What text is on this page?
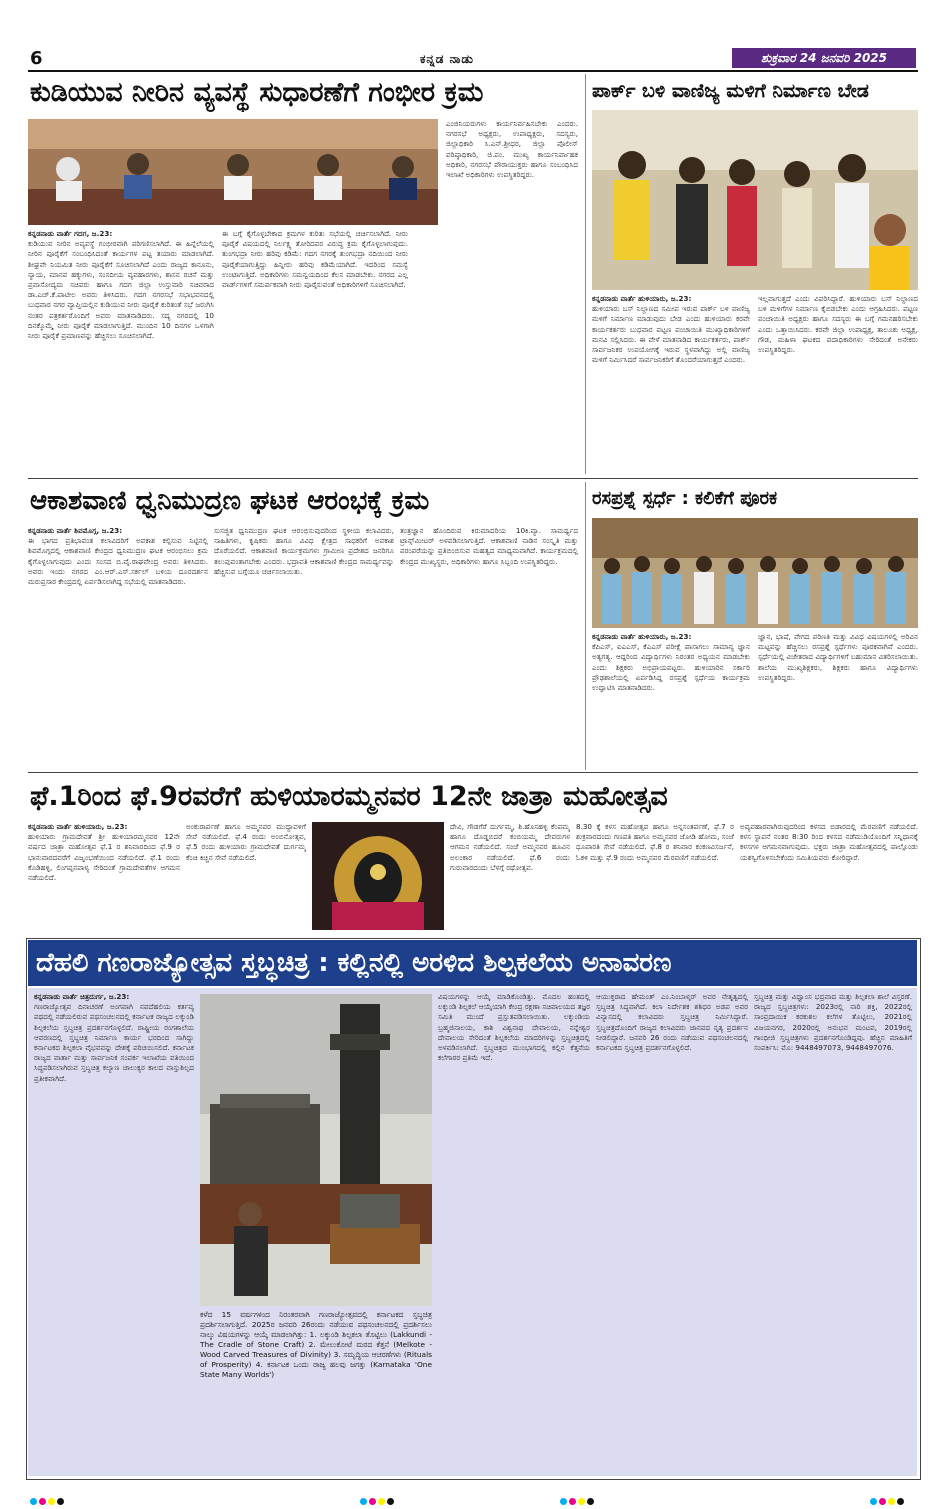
6	ಕನ್ನಡ ನಾಡು	ಶುಕ್ರವಾರ 24 ಜನವರಿ 2025
ಕುಡಿಯುವ ನೀರಿನ ವ್ಯವಸ್ಥೆ ಸುಧಾರಣೆಗೆ ಗಂಭೀರ ಕ್ರಮ
ಕನ್ನಡನಾಡು ವಾರ್ತೆ ಗದಗ, ಜ.23:
ಕುಡಿಯುವ ನೀರಿನ ಅವ್ಯವಸ್ಥೆ ಗಂಭೀರವಾಗಿ ಪರಿಗಣಿಸಲಾಗಿದೆ. ಈ ಹಿನ್ನೆಲೆಯಲ್ಲಿ ನೀರಿನ ಪೂರೈಕೆಗೆ ಸಂಬಂಧಿಸಿದಂತೆ ಕಾರ್ಯಗಳ ಪಟ್ಟ ತಯಾರು ಮಾಡಲಾಗಿದೆ. ಶೀಘ್ರವೇ ನಿಯಮಿತ ನೀರು ಪೂರೈಕೆಗೆ ಸೂಚಿಸಲಾಗಿದೆ ಎಂದು ರಾಜ್ಯದ ಕಾನೂನು, ನ್ಯಾಯ, ಮಾನವ ಹಕ್ಕುಗಳು, ಸಂಸದೀಯ ವ್ಯವಹಾರಗಳು, ಶಾಸನ ರಚನೆ ಮತ್ತು ಪ್ರವಾಸೋದ್ಯಮ ಸಚಿವರು ಹಾಗೂ ಗದಗ ಜಿಲ್ಲಾ ಉಸ್ತುವಾರಿ ಸಚಿವರಾದ ಡಾ.ಎಚ್.ಕೆ.ಪಾಟೀಲ ಅವರು ತಿಳಿಸಿದರು. ಗದಗ ನಗರಸಭೆ ಸಭಾಭವನದಲ್ಲಿ ಬುಧವಾರ ನಗರ ವ್ಯಾಪ್ತಿಯಲ್ಲಿನ ಕುಡಿಯುವ ನೀರು ಪೂರೈಕೆ ಕುರಿತಂತೆ ಸಭೆ ಜರುಗಿಸಿ ನಂತರ ಪತ್ರಕರ್ತರೊಂದಿಗೆ ಅವರು ಮಾತನಾಡಿದರು. ಸದ್ಯ ನಗರದಲ್ಲಿ 10 ದಿನಕ್ಕೊಮ್ಮೆ ನೀರು ಪೂರೈಕೆ ಮಾಡಲಾಗುತ್ತಿದೆ. ಮುಂದಿನ 10 ದಿನಗಳ ಒಳಗಾಗಿ ನೀರು ಪೂರೈಕೆ ಪ್ರಮಾಣವನ್ನು ಹೆಚ್ಚಿಸಲು ಸೂಚಿಸಲಾಗಿದೆ.
ಈ ಬಗ್ಗೆ ಕೈಗೊಳ್ಳಬೇಕಾದ ಕ್ರಮಗಳ ಕುರಿತು ಸಭೆಯಲ್ಲಿ ಚರ್ಚಿಸಲಾಗಿದೆ. ನೀರು ಪೂರೈಕೆ ವಿಷಯದಲ್ಲಿ ನಿರ್ಲಕ್ಷ್ಯ ತೋರಿದವರ ವಿರುದ್ಧ ಕ್ರಮ ಕೈಗೊಳ್ಳಲಾಗುವುದು. ತುಂಗಭದ್ರಾ ನೀರು ಹರಿವು ಕಡಿಮೆ: ಗದಗ ನಗರಕ್ಕೆ ತುಂಗಭದ್ರಾ ನದಿಯಿಂದ ನೀರು ಪೂರೈಕೆಯಾಗುತ್ತಿದ್ದು ಹಿನ್ನೀರು ಹರಿವು ಕಡಿಮೆಯಾಗಿದೆ. ಇದರಿಂದ ಸಮಸ್ಯೆ ಉಂಟಾಗುತ್ತಿದೆ. ಅಧಿಕಾರಿಗಳು ಸಮನ್ವಯದಿಂದ ಕೆಲಸ ಮಾಡಬೇಕು. ನಗರದ ಎಲ್ಲ ವಾರ್ಡ್‌ಗಳಿಗೆ ಸಮರ್ಪಕವಾಗಿ ನೀರು ಪೂರೈಸುವಂತೆ ಅಧಿಕಾರಿಗಳಿಗೆ ಸೂಚಿಸಲಾಗಿದೆ.
ಎಂಜಿನಿಯರುಗಳು ಕಾರ್ಯನಿರ್ವಹಿಸಬೇಕು ಎಂದರು. ನಗರಸಭೆ ಅಧ್ಯಕ್ಷರು, ಉಪಾಧ್ಯಕ್ಷರು, ಸದಸ್ಯರು, ಜಿಲ್ಲಾಧಿಕಾರಿ ಸಿ.ಎನ್.ಶ್ರೀಧರ, ಜಿಲ್ಲಾ ಪೊಲೀಸ್ ವರಿಷ್ಠಾಧಿಕಾರಿ, ಜಿ.ಪಂ. ಮುಖ್ಯ ಕಾರ್ಯನಿರ್ವಾಹಕ ಅಧಿಕಾರಿ, ನಗರಸಭೆ ಪೌರಾಯುಕ್ತರು ಹಾಗೂ ಸಂಬಂಧಿಸಿದ ಇಲಾಖೆ ಅಧಿಕಾರಿಗಳು ಉಪಸ್ಥಿತರಿದ್ದರು.
ಪಾರ್ಕ್ ಬಳಿ ವಾಣಿಜ್ಯ ಮಳಿಗೆ ನಿರ್ಮಾಣ ಬೇಡ
ಕನ್ನಡನಾಡು ವಾರ್ತೆ ಹುಳಿಯಾರು, ಜ.23:
ಹುಳಿಯಾರು ಬಸ್ ನಿಲ್ದಾಣದ ಸಮೀಪ ಇರುವ ಪಾರ್ಕ್ ಬಳಿ ವಾಣಿಜ್ಯ ಮಳಿಗೆ ನಿರ್ಮಾಣ ಮಾಡುವುದು ಬೇಡ ಎಂದು ಹುಳಿಯಾರು ಕರವೇ ಕಾರ್ಯಕರ್ತರು ಬುಧವಾರ ಪಟ್ಟಣ ಪಂಚಾಯಿತಿ ಮುಖ್ಯಾಧಿಕಾರಿಗಳಿಗೆ ಮನವಿ ಸಲ್ಲಿಸಿದರು. ಈ ವೇಳೆ ಮಾತನಾಡಿದ ಕಾರ್ಯಕರ್ತರು, ಪಾರ್ಕ್ ಸಾರ್ವಜನಿಕರ ಉಪಯೋಗಕ್ಕೆ ಇರುವ ಸ್ಥಳವಾಗಿದ್ದು ಅಲ್ಲಿ ವಾಣಿಜ್ಯ ಮಳಿಗೆ ನಿರ್ಮಿಸಿದರೆ ಸಾರ್ವಜನಿಕರಿಗೆ ತೊಂದರೆಯಾಗುತ್ತದೆ ಎಂದರು.
ಇಲ್ಲವಾಗುತ್ತದೆ ಎಂದು ವಿವರಿಸಿದ್ದಾರೆ. ಹುಳಿಯಾರು ಬಸ್ ನಿಲ್ದಾಣದ ಬಳಿ ಮಳಿಗೆಗಳ ನಿರ್ಮಾಣ ಕೈಬಿಡಬೇಕು ಎಂದು ಆಗ್ರಹಿಸಿದರು. ಪಟ್ಟಣ ಪಂಚಾಯಿತಿ ಅಧ್ಯಕ್ಷರು ಹಾಗೂ ಸದಸ್ಯರು ಈ ಬಗ್ಗೆ ಗಮನಹರಿಸಬೇಕು ಎಂದು ಒತ್ತಾಯಿಸಿದರು. ಕರವೇ ಜಿಲ್ಲಾ ಉಪಾಧ್ಯಕ್ಷ, ತಾಲೂಕು ಅಧ್ಯಕ್ಷ, ಗೌಡ, ಮಹಿಳಾ ಘಟಕದ ಪದಾಧಿಕಾರಿಗಳು ಸೇರಿದಂತೆ ಅನೇಕರು ಉಪಸ್ಥಿತರಿದ್ದರು.
ಆಕಾಶವಾಣಿ ಧ್ವನಿಮುದ್ರಣ ಘಟಕ ಆರಂಭಕ್ಕೆ ಕ್ರಮ
ಕನ್ನಡನಾಡು ವಾರ್ತೆ ಶಿವಮೊಗ್ಗ, ಜ.23:
ಈ ಭಾಗದ ಪ್ರತಿಭಾವಂತ ಕಲಾವಿದರಿಗೆ ಅವಕಾಶ ಕಲ್ಪಿಸುವ ನಿಟ್ಟಿನಲ್ಲಿ ಶಿವಮೊಗ್ಗದಲ್ಲಿ ಆಕಾಶವಾಣಿ ಕೇಂದ್ರದ ಧ್ವನಿಮುದ್ರಣ ಘಟಕ ಆರಂಭಿಸಲು ಕ್ರಮ ಕೈಗೊಳ್ಳಲಾಗುವುದು ಎಂದು ಸಂಸದ ಬಿ.ವೈ.ರಾಘವೇಂದ್ರ ಅವರು ತಿಳಿಸಿದರು. ಅವರು ಇಂದು ನಗರದ ಎಂ.ಆರ್.ಎಸ್.ಸರ್ಕಲ್ ಬಳಿಯ ದೂರದರ್ಶನ ಮರುಪ್ರಸಾರ ಕೇಂದ್ರದಲ್ಲಿ ಏರ್ಪಡಿಸಲಾಗಿದ್ದ ಸಭೆಯಲ್ಲಿ ಮಾತನಾಡಿದರು.
ಸುಸಜ್ಜಿತ ಧ್ವನಿಮುದ್ರಣ ಘಟಕ ಆರಂಭಿಸುವುದರಿಂದ ಸ್ಥಳೀಯ ಕಲಾವಿದರು, ಸಾಹಿತಿಗಳು, ಕೃಷಿಕರು ಹಾಗೂ ವಿವಿಧ ಕ್ಷೇತ್ರದ ಸಾಧಕರಿಗೆ ಅವಕಾಶ ದೊರೆಯಲಿದೆ. ಆಕಾಶವಾಣಿ ಕಾರ್ಯಕ್ರಮಗಳು ಗ್ರಾಮೀಣ ಪ್ರದೇಶದ ಜನರಿಗೂ ತಲುಪುವಂತಾಗಬೇಕು ಎಂದರು. ಭದ್ರಾವತಿ ಆಕಾಶವಾಣಿ ಕೇಂದ್ರದ ಸಾಮರ್ಥ್ಯವನ್ನು ಹೆಚ್ಚಿಸುವ ಬಗ್ಗೆಯೂ ಚರ್ಚಿಸಲಾಯಿತು.
ತಂತ್ರಜ್ಞಾನ ಹೊಂದಿರುವ ಕಿರುಮಾದರಿಯ 10ಕಿ.ವ್ಯಾ. ಸಾಮರ್ಥ್ಯದ ಟ್ರಾನ್ಸ್‌ಮೀಟರ್ ಅಳವಡಿಸಲಾಗುತ್ತಿದೆ. ಆಕಾಶವಾಣಿ ನಾಡಿನ ಸಂಸ್ಕೃತಿ ಮತ್ತು ಪರಂಪರೆಯನ್ನು ಪ್ರತಿಬಿಂಬಿಸುವ ಮಹತ್ವದ ಮಾಧ್ಯಮವಾಗಿದೆ. ಕಾರ್ಯಕ್ರಮದಲ್ಲಿ ಕೇಂದ್ರದ ಮುಖ್ಯಸ್ಥರು, ಅಧಿಕಾರಿಗಳು ಹಾಗೂ ಸಿಬ್ಬಂದಿ ಉಪಸ್ಥಿತರಿದ್ದರು.
ರಸಪ್ರಶ್ನೆ ಸ್ಪರ್ಧೆ : ಕಲಿಕೆಗೆ ಪೂರಕ
ಕನ್ನಡನಾಡು ವಾರ್ತೆ ಹುಳಿಯಾರು, ಜ.23:
ಕೆಪಿಎಸ್, ಐಎಎಸ್, ಕೆಎಎಸ್ ಪರೀಕ್ಷೆ ಪಾಸಾಗಲು ಸಾಮಾನ್ಯ ಜ್ಞಾನ ಅತ್ಯಗತ್ಯ. ಆದ್ದರಿಂದ ವಿದ್ಯಾರ್ಥಿಗಳು ನಿರಂತರ ಅಧ್ಯಯನ ಮಾಡಬೇಕು ಎಂದು ಶಿಕ್ಷಕರು ಅಭಿಪ್ರಾಯಪಟ್ಟರು. ಹುಳಿಯಾರಿನ ಸರ್ಕಾರಿ ಪ್ರೌಢಶಾಲೆಯಲ್ಲಿ ಏರ್ಪಡಿಸಿದ್ದ ರಸಪ್ರಶ್ನೆ ಸ್ಪರ್ಧೆಯ ಕಾರ್ಯಕ್ರಮ ಉದ್ಘಾಟಿಸಿ ಮಾತನಾಡಿದರು.
ಜ್ಞಾನ, ಭಾಷೆ, ವೇಗದ ಪರಿಣತಿ ಮತ್ತು ವಿವಿಧ ವಿಷಯಗಳಲ್ಲಿ ಅರಿವಿನ ಮಟ್ಟವನ್ನು ಹೆಚ್ಚಿಸಲು ರಸಪ್ರಶ್ನೆ ಸ್ಪರ್ಧೆಗಳು ಪೂರಕವಾಗಿವೆ ಎಂದರು. ಸ್ಪರ್ಧೆಯಲ್ಲಿ ವಿಜೇತರಾದ ವಿದ್ಯಾರ್ಥಿಗಳಿಗೆ ಬಹುಮಾನ ವಿತರಿಸಲಾಯಿತು. ಶಾಲೆಯ ಮುಖ್ಯಶಿಕ್ಷಕರು, ಶಿಕ್ಷಕರು ಹಾಗೂ ವಿದ್ಯಾರ್ಥಿಗಳು ಉಪಸ್ಥಿತರಿದ್ದರು.
ಫೆ.1ರಿಂದ ಫೆ.9ರವರೆಗೆ ಹುಳಿಯಾರಮ್ಮನವರ 12ನೇ ಜಾತ್ರಾ ಮಹೋತ್ಸವ
ಕನ್ನಡನಾಡು ವಾರ್ತೆ ಹುಳಿಯಾರು, ಜ.23:
ಹುಳಿಯಾರು ಗ್ರಾಮದೇವತೆ ಶ್ರೀ ಹುಳಿಯಾರಮ್ಮನವರ 12ನೇ ವರ್ಷದ ಜಾತ್ರಾ ಮಹೋತ್ಸವ ಫೆ.1 ರ ಶನಿವಾರದಿಂದ ಫೆ.9 ರ ಭಾನುವಾರದವರೆಗೆ ವಿಜೃಂಭಣೆಯಿಂದ ನಡೆಯಲಿದೆ. ಫೆ.1 ರಂದು ಕೊಡಿಹಳ್ಳಿ, ಲಿಂಗಪ್ಪನಪಾಳ್ಯ ಸೇರಿದಂತೆ ಗ್ರಾಮದೇವತೆಗಳ ಆಗಮನ ನಡೆಯಲಿದೆ.
ಅಂಕುರಾರ್ಪಣೆ ಹಾಗೂ ಅಮ್ಮನವರ ಮುದ್ದಾವಳಿಗೆ ಸೇವೆ ನಡೆಯಲಿದೆ. ಫೆ.4 ರಂದು ಅಂಬಿನೋತ್ಸವ, ಫೆ.5 ರಂದು ಹುಳಿಯಾರು ಗ್ರಾಮದೇವತೆ ದುರ್ಗಮ್ಮ ಕೆಂಚಿ ಕಿಚ್ಚಿನ ಸೇವೆ ನಡೆಯಲಿದೆ.
ದೇವಿ, ಗೌಡಗೆರೆ ದುರ್ಗಮ್ಮ, ಶಿ.ಹೊಸಹಳ್ಳಿ ಕೆಂಪಮ್ಮ ಹಾಗೂ ದೊಡ್ಡಬಿದರೆ ಕಂಬಿಯಮ್ಮ ದೇವರುಗಳ ಆಗಮನ ನಡೆಯಲಿದೆ. ಸಂಜೆ ಅಮ್ಮನವರ ಹೂವಿನ ಅಲಂಕಾರ ನಡೆಯಲಿದೆ. ಫೆ.6 ರಂದು ಗುರುವಾರದಂದು ಬೆಳಗ್ಗೆ ರಥೋತ್ಸವ.
8.30 ಕ್ಕೆ ಕಳಸ ಮಹೋತ್ಸವ ಹಾಗೂ ಅನ್ನಸಂತರ್ಪಣೆ, ಫೆ.7 ರ ಶುಕ್ರವಾರದಂದು ಗಣಪತಿ ಹಾಗೂ ಅಮ್ಮನವರ ಜೋಡಿ ಹೋಮ, ಸಂಜೆ ಧೂಪಾರತಿ ಸೇವೆ ನಡೆಯಲಿದೆ. ಫೆ.8 ರ ಶನಿವಾರ ಕಂಕಣವಿಸರ್ಜನೆ, ಓಕಳಿ ಮತ್ತು ಫೆ.9 ರಂದು ಅಮ್ಮನವರ ಮೆರವಣಿಗೆ ನಡೆಯಲಿದೆ.
ಅವ್ಯವಹಾರವಾಗಿರುವುದರಿಂದ ಕಳಸದ ಬಿಡಾರದಲ್ಲಿ ಮೆರವಣಿಗೆ ನಡೆಯಲಿದೆ. ಕಳಸ ಸ್ಥಾಪನೆ ನಂತರ 8:30 ರಿಂದ ಕಳಸದ ನಡೆಮುಡಿಯೊಂದಿಗೆ ಸನ್ನಿಧಾನಕ್ಕೆ ಕಳಸಗಳ ಆಗಮನವಾಗುವುದು. ಭಕ್ತರು ಜಾತ್ರಾ ಮಹೋತ್ಸವದಲ್ಲಿ ಪಾಲ್ಗೊಂಡು ಯಶಸ್ವಿಗೊಳಿಸಬೇಕೆಂದು ಸಮಿತಿಯವರು ಕೋರಿದ್ದಾರೆ.
ದೆಹಲಿ ಗಣರಾಜ್ಯೋತ್ಸವ ಸ್ತಬ್ಧಚಿತ್ರ : ಕಲ್ಲಿನಲ್ಲಿ ಅರಳಿದ ಶಿಲ್ಪಕಲೆಯ ಅನಾವರಣ
ಕನ್ನಡನಾಡು ವಾರ್ತೆ ಚಿತ್ರದುರ್ಗ, ಜ.23:
ಗಣರಾಜ್ಯೋತ್ಸವ ದಿನಾಚರಣೆ ಅಂಗವಾಗಿ ನವದೆಹಲಿಯ ಕರ್ತವ್ಯ ಪಥದಲ್ಲಿ ನಡೆಯಲಿರುವ ಪಥಸಂಚಲನದಲ್ಲಿ ಕರ್ನಾಟಕ ರಾಜ್ಯದ ಲಕ್ಕುಂಡಿ ಶಿಲ್ಪಕಲೆಯ ಸ್ತಬ್ಧಚಿತ್ರ ಪ್ರದರ್ಶನಗೊಳ್ಳಲಿದೆ. ರಾಷ್ಟ್ರೀಯ ರಂಗಶಾಲೆಯ ಆವರಣದಲ್ಲಿ ಸ್ತಬ್ಧಚಿತ್ರ ನಿರ್ಮಾಣ ಕಾರ್ಯ ಭರದಿಂದ ಸಾಗಿದ್ದು ಕರ್ನಾಟಕದ ಶಿಲ್ಪಕಲಾ ವೈಭವವನ್ನು ದೇಶಕ್ಕೆ ಪರಿಚಯಿಸಲಿದೆ. ಕರ್ನಾಟಕ ರಾಜ್ಯದ ವಾರ್ತಾ ಮತ್ತು ಸಾರ್ವಜನಿಕ ಸಂಪರ್ಕ ಇಲಾಖೆಯ ವತಿಯಿಂದ ಸಿದ್ಧಪಡಿಸಲಾಗಿರುವ ಸ್ತಬ್ಧಚಿತ್ರ ಕಲ್ಯಾಣ ಚಾಲುಕ್ಯರ ಕಾಲದ ವಾಸ್ತುಶಿಲ್ಪದ ಪ್ರತೀಕವಾಗಿದೆ.
ಕಳೆದ 15 ವರ್ಷಗಳಿಂದ ನಿರಂತರವಾಗಿ ಗಣರಾಜ್ಯೋತ್ಸವದಲ್ಲಿ ಕರ್ನಾಟಕದ ಸ್ತಬ್ಧಚಿತ್ರ ಪ್ರದರ್ಶಿಸಲಾಗುತ್ತಿದೆ. 2025ರ ಜನವರಿ 26ರಂದು ನಡೆಯುವ ಪಥಸಂಚಲನದಲ್ಲಿ ಪ್ರದರ್ಶಿಸಲು ನಾಲ್ಕು ವಿಷಯಗಳನ್ನು ಆಯ್ಕೆ ಮಾಡಲಾಗಿತ್ತು: 1. ಲಕ್ಕುಂಡಿ ಶಿಲ್ಪಕಲಾ ತೊಟ್ಟಿಲು (Lakkundi - The Cradle of Stone Craft) 2. ಮೇಲುಕೋಟೆ ಮರದ ಕೆತ್ತನೆ (Melkote - Wood Carved Treasures of Divinity) 3. ಸಮೃದ್ಧಿಯ ಆಚರಣೆಗಳು (Rituals of Prosperity) 4. ಕರ್ನಾಟಕ ಒಂದು ರಾಜ್ಯ ಹಲವು ಜಗತ್ತು (Karnataka 'One State Many Worlds')
ವಿಷಯಗಳನ್ನು ಆಯ್ಕೆ ಮಾಡಿಕೊಂಡಿತ್ತು. ಮೊದಲ ಹಂತದಲ್ಲಿ ಲಕ್ಕುಂಡಿ ಶಿಲ್ಪಕಲೆ ಆಯ್ಕೆಯಾಗಿ ಕೇಂದ್ರ ರಕ್ಷಣಾ ಸಚಿವಾಲಯದ ತಜ್ಞರ ಸಮಿತಿ ಮುಂದೆ ಪ್ರಸ್ತುತಪಡಿಸಲಾಯಿತು. ಲಕ್ಕುಂಡಿಯ ಬ್ರಹ್ಮಜಿನಾಲಯ, ಕಾಶಿ ವಿಶ್ವನಾಥ ದೇವಾಲಯ, ನನ್ನೇಶ್ವರ ದೇವಾಲಯ ಸೇರಿದಂತೆ ಶಿಲ್ಪಕಲೆಯ ಮಾದರಿಗಳನ್ನು ಸ್ತಬ್ಧಚಿತ್ರದಲ್ಲಿ ಅಳವಡಿಸಲಾಗಿದೆ. ಸ್ತಬ್ಧಚಿತ್ರದ ಮುಂಭಾಗದಲ್ಲಿ ಕಲ್ಲಿನ ಕೆತ್ತನೆಯ ಕಲೆಗಾರರ ಪ್ರತಿಮೆ ಇದೆ.
ಆಯುಕ್ತರಾದ ಹೇಮಂತ್ ಎಂ.ನಿಂಬಾಳ್ಕರ್ ಅವರ ನೇತೃತ್ವದಲ್ಲಿ ಸ್ತಬ್ಧಚಿತ್ರ ಸಿದ್ಧವಾಗಿದೆ. ಕಲಾ ನಿರ್ದೇಶಕ ಶಶಿಧರ ಅಡಪ ಅವರ ವಿನ್ಯಾಸದಲ್ಲಿ ಕಲಾವಿದರು ಸ್ತಬ್ಧಚಿತ್ರ ನಿರ್ಮಿಸಿದ್ದಾರೆ. ಸ್ತಬ್ಧಚಿತ್ರದೊಂದಿಗೆ ರಾಜ್ಯದ ಕಲಾವಿದರು ಜಾನಪದ ನೃತ್ಯ ಪ್ರದರ್ಶನ ನೀಡಲಿದ್ದಾರೆ. ಜನವರಿ 26 ರಂದು ನಡೆಯುವ ಪಥಸಂಚಲನದಲ್ಲಿ ಕರ್ನಾಟಕದ ಸ್ತಬ್ಧಚಿತ್ರ ಪ್ರದರ್ಶನಗೊಳ್ಳಲಿದೆ.
ಸ್ತಬ್ಧಚಿತ್ರ ಮತ್ತು ವಿಧ್ವಾಂಸ ಭದ್ರವಾದ ಮತ್ತು ಶಿಲ್ಪಕಲಾ ಶಾಲೆ ವಿಸ್ತರಣೆ. ರಾಜ್ಯದ ಸ್ತಬ್ಧಚಿತ್ರಗಳು: 2023ರಲ್ಲಿ ನಾರಿ ಶಕ್ತಿ, 2022ರಲ್ಲಿ ಸಾಂಪ್ರದಾಯಿಕ ಕರಕುಶಲ ಕಲೆಗಳ ತೊಟ್ಟಿಲು, 2021ರಲ್ಲಿ ವಿಜಯನಗರ, 2020ರಲ್ಲಿ ಅನುಭವ ಮಂಟಪ, 2019ರಲ್ಲಿ ಗಾಂಧೀಜಿ ಸ್ತಬ್ಧಚಿತ್ರಗಳು ಪ್ರದರ್ಶನಗೊಂಡಿದ್ದವು. ಹೆಚ್ಚಿನ ಮಾಹಿತಿಗೆ ಸಂಪರ್ಕಿಸಿ: ಮೊ: 9448497073, 9448497076.
